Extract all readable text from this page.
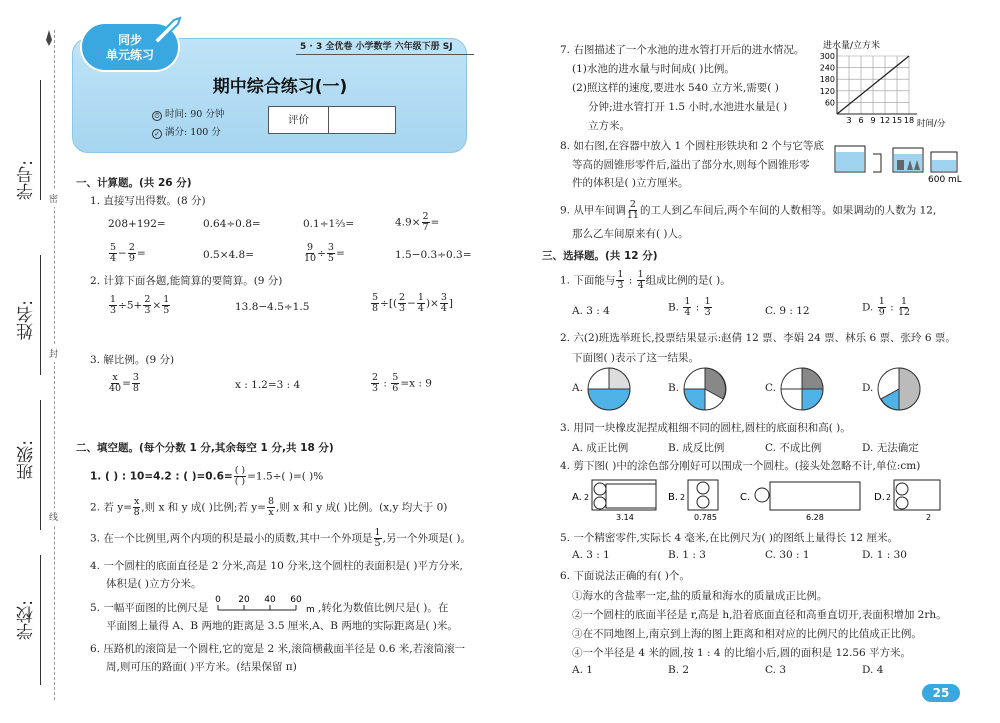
学号:
姓名:
班级:
学校:
密
封
线
同步
单元练习
5 · 3 全优卷 小学数学 六年级下册 SJ
期中综合练习(一)
⏱ 时间: 90 分钟
✓ 满分: 100 分
评价
一、计算题。(共 26 分)
1. 直接写出得数。(8 分)
208+192=	0.64÷0.8=	0.1÷1⅔=	$4.9\times \frac{2}{7}$ =
$\frac{5}{4} - \frac{2}{9}$ =	0.5×4.8=	$\frac{9}{10} \div \frac{3}{5}$ =	1.5−0.3÷0.3=
2. 计算下面各题,能简算的要简算。(9 分)
$\frac{1}{3} \div 5+ \frac{2}{3} \times \frac{1}{5}$	13.8−4.5÷1.5	$\frac{5}{8}$ ÷[( $\frac{2}{3} - \frac{1}{4}$ )× $\frac{3}{4}$ ]
3. 解比例。(9 分)
$\frac{x}{40} = \frac{3}{8}$	x : 1.2=3 : 4	$\frac{2}{3}$ : $\frac{5}{6} =x$ : 9
二、填空题。(每个分数 1 分,其余每空 1 分,共 18 分)
1. ( ) : 10=4.2 : ( )$=0.6= \frac{( )}{( )} =1.5\div$( )=( )%
2. 若 $y= \frac{x}{8}$ ,则 x 和 y 成( )比例;若 $y= \frac{8}{x}$ ,则 x 和 y 成( )比例。(x,y 均大于 0)
3. 在一个比例里,两个内项的积是最小的质数,其中一个外项是 $\frac{1}{5}$ ,另一个外项是( )。
4. 一个圆柱的底面直径是 2 分米,高是 10 分米,这个圆柱的表面积是( )平方分米,
体积是( )立方分米。
5. 一幅平面图的比例尺是
0 20 40 60
m ,转化为数值比例尺是( )。在
平面图上量得 A、B 两地的距离是 3.5 厘米,A、B 两地的实际距离是( )米。
6. 压路机的滚筒是一个圆柱,它的宽是 2 米,滚筒横截面半径是 0.6 米,若滚筒滚一
周,则可压的路面( )平方米。(结果保留 π)
7. 右图描述了一个水池的进水管打开后的进水情况。
(1)水池的进水量与时间成( )比例。
(2)照这样的速度,要进水 540 立方米,需要( )
分钟;进水管打开 1.5 小时,水池进水量是( )
立方米。
进水量/立方米
3 6 9 12 15 18
60
120
180
240
300
时间/分
8. 如右图,在容器中放入 1 个圆柱形铁块和 2 个与它等底
等高的圆锥形零件后,溢出了部分水,则每个圆锥形零
件的体积是( )立方厘米。	600 mL
9. 从甲车间调 $\frac{2}{11}$ 的工人到乙车间后,两个车间的人数相等。如果调动的人数为 12,
那么乙车间原来有( )人。
三、选择题。(共 12 分)
1. 下面能与 $\frac{1}{3}$ : $\frac{1}{4}$ 组成比例的是( )。
A. 3 : 4	B. $\frac{1}{4}$ : $\frac{1}{3}$	C. 9 : 12	D. $\frac{1}{9}$ : $\frac{1}{12}$
2. 六(2)班选举班长,投票结果显示:赵倩 12 票、李娟 24 票、林乐 6 票、张玲 6 票。
下面图( )表示了这一结果。
A.	B.	C.	D.
3. 用同一块橡皮泥捏成粗细不同的圆柱,圆柱的底面积和高( )。
A. 成正比例	B. 成反比例	C. 不成比例	D. 无法确定
4. 剪下图( )中的涂色部分刚好可以围成一个圆柱。(接头处忽略不计,单位:cm)
A. 2
3.14
B. 2
0.785
C.
6.28
D. 2
2
5. 一个精密零件,实际长 4 毫米,在比例尺为( )的图纸上量得长 12 厘米。
A. 3 : 1	B. 1 : 3	C. 30 : 1	D. 1 : 30
6. 下面说法正确的有( )个。
①海水的含盐率一定,盐的质量和海水的质量成正比例。
②一个圆柱的底面半径是 r,高是 h,沿着底面直径和高垂直切开,表面积增加 2rh。
③在不同地图上,南京到上海的图上距离和相对应的比例尺的比值成正比例。
④一个半径是 4 米的圆,按 1 : 4 的比缩小后,圆的面积是 12.56 平方米。
A. 1	B. 2	C. 3	D. 4
25
